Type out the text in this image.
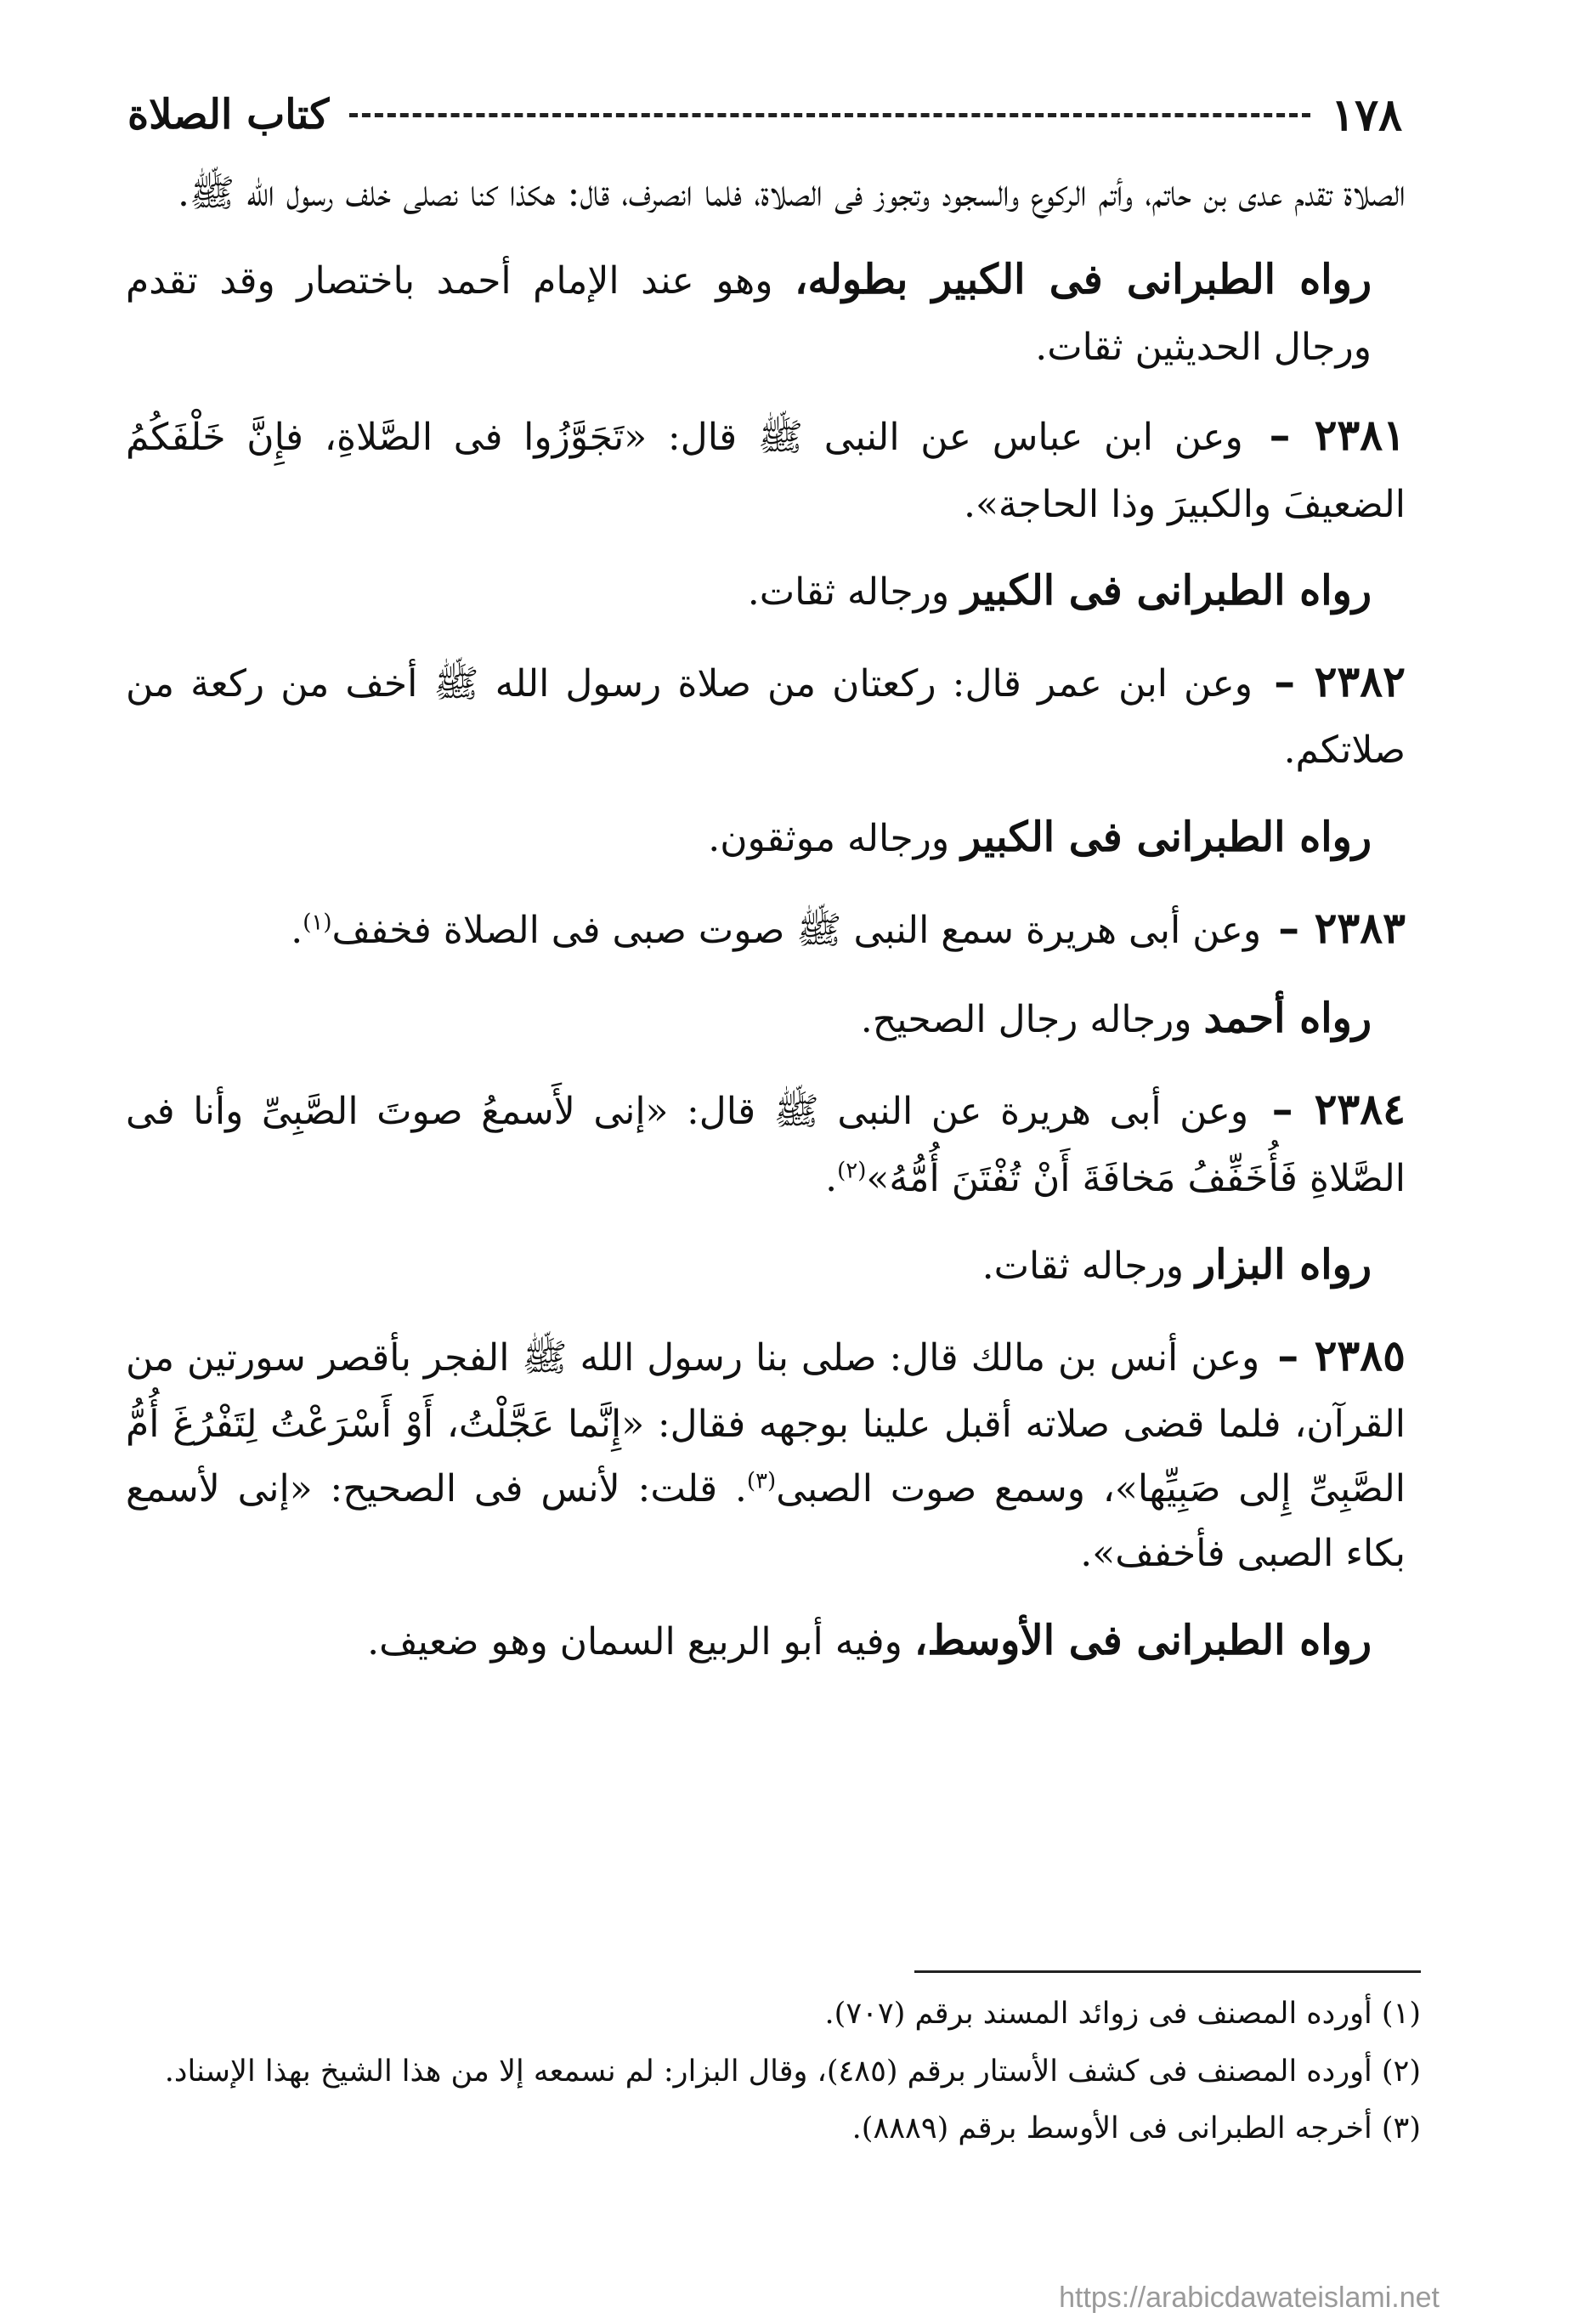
١٧٨
كتاب الصلاة

الصلاة تقدم عدى بن حاتم، وأتم الركوع والسجود وتجوز فى الصلاة، فلما انصرف، قال: هكذا كنا نصلى خلف رسول الله ﷺ.

رواه الطبرانى فى الكبير بطوله، وهو عند الإمام أحمد باختصار وقد تقدم ورجال الحديثين ثقات.

٢٣٨١ – وعن ابن عباس عن النبى ﷺ قال: «تَجَوَّزُوا فى الصَّلاةِ، فإِنَّ خَلْفَكُمُ الضعيفَ والكبيرَ وذا الحاجة».

رواه الطبرانى فى الكبير ورجاله ثقات.

٢٣٨٢ – وعن ابن عمر قال: ركعتان من صلاة رسول الله ﷺ أخف من ركعة من صلاتكم.

رواه الطبرانى فى الكبير ورجاله موثقون.

٢٣٨٣ – وعن أبى هريرة سمع النبى ﷺ صوت صبى فى الصلاة فخفف$^{(١)}$.

رواه أحمد ورجاله رجال الصحيح.

٢٣٨٤ – وعن أبى هريرة عن النبى ﷺ قال: «إنى لأَسمعُ صوتَ الصَّبِىِّ وأنا فى الصَّلاةِ فَأُخَفِّفُ مَخافَةَ أَنْ تُفْتَنَ أُمُّهُ»$^{(٢)}$.

رواه البزار ورجاله ثقات.

٢٣٨٥ – وعن أنس بن مالك قال: صلى بنا رسول الله ﷺ الفجر بأقصر سورتين من القرآن، فلما قضى صلاته أقبل علينا بوجهه فقال: «إِنَّما عَجَّلْتُ، أَوْ أَسْرَعْتُ لِتَفْرُغَ أُمُّ الصَّبِىِّ إِلى صَبِيِّها»، وسمع صوت الصبى$^{(٣)}$. قلت: لأنس فى الصحيح: «إنى لأسمع بكاء الصبى فأخفف».

رواه الطبرانى فى الأوسط، وفيه أبو الربيع السمان وهو ضعيف.

(١) أورده المصنف فى زوائد المسند برقم (٧٠٧).

(٢) أورده المصنف فى كشف الأستار برقم (٤٨٥)، وقال البزار: لم نسمعه إلا من هذا الشيخ بهذا الإسناد.

(٣) أخرجه الطبرانى فى الأوسط برقم (٨٨٨٩).

https://arabicdawateislami.net
